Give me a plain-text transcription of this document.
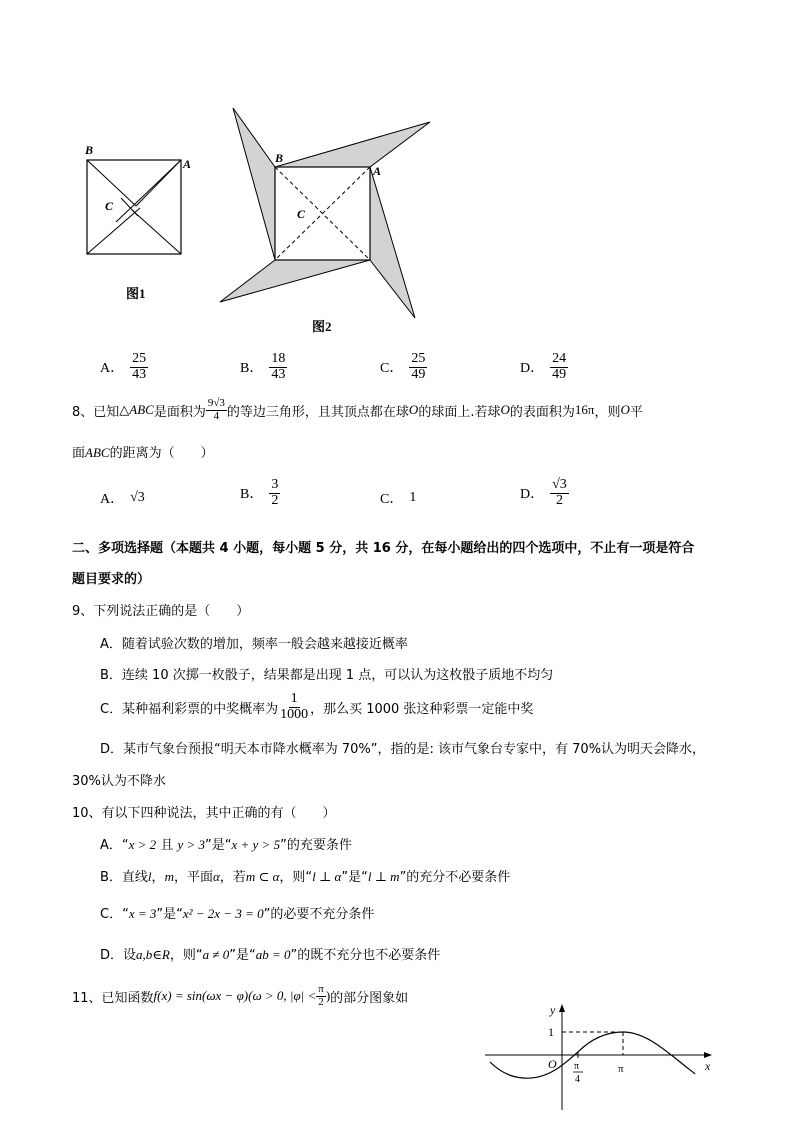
B
A
C
图1
B
A
C
图2
A． $\frac{25}{43}$	B． $\frac{18}{43}$	C． $\frac{25}{49}$	D． $\frac{24}{49}$
8、已知 △ABC 是面积为 $\frac{9√3}{4}$ 的等边三角形，且其顶点都在球 O 的球面上.若球 O 的表面积为 16π ，则 O 平
面ABC的距离为（　　）
A． √3	B． $\frac{3}{2}$	C． 1	D． $\frac{√3}{2}$
二、多项选择题（本题共 4 小题，每小题 5 分，共 16 分，在每小题给出的四个选项中，不止有一项是符合
题目要求的）
9、下列说法正确的是（　　）
A．随着试验次数的增加，频率一般会越来越接近概率
B．连续 10 次掷一枚骰子，结果都是出现 1 点，可以认为这枚骰子质地不均匀
C．某种福利彩票的中奖概率为 $\frac{1}{1000}$ ，那么买 1000 张这种彩票一定能中奖
D．某市气象台预报“明天本市降水概率为 70%”，指的是: 该市气象台专家中，有 70%认为明天会降水，
30%认为不降水
10、有以下四种说法，其中正确的有（　　）
A．“x > 2 且 y > 3”是“x + y > 5”的充要条件
B．直线l，m，平面α，若m ⊂ α，则“l ⊥ α”是“l ⊥ m”的充分不必要条件
C．“x = 3”是“x² − 2x − 3 = 0”的必要不充分条件
D．设a,b∈R，则“a ≠ 0”是“ab = 0”的既不充分也不必要条件
11、已知函数 f(x) = sin(ωx − φ) (ω > 0, $|\varphi| < \frac{\pi}{2}$ ) 的部分图象如
y
x
1
O π
4
π
